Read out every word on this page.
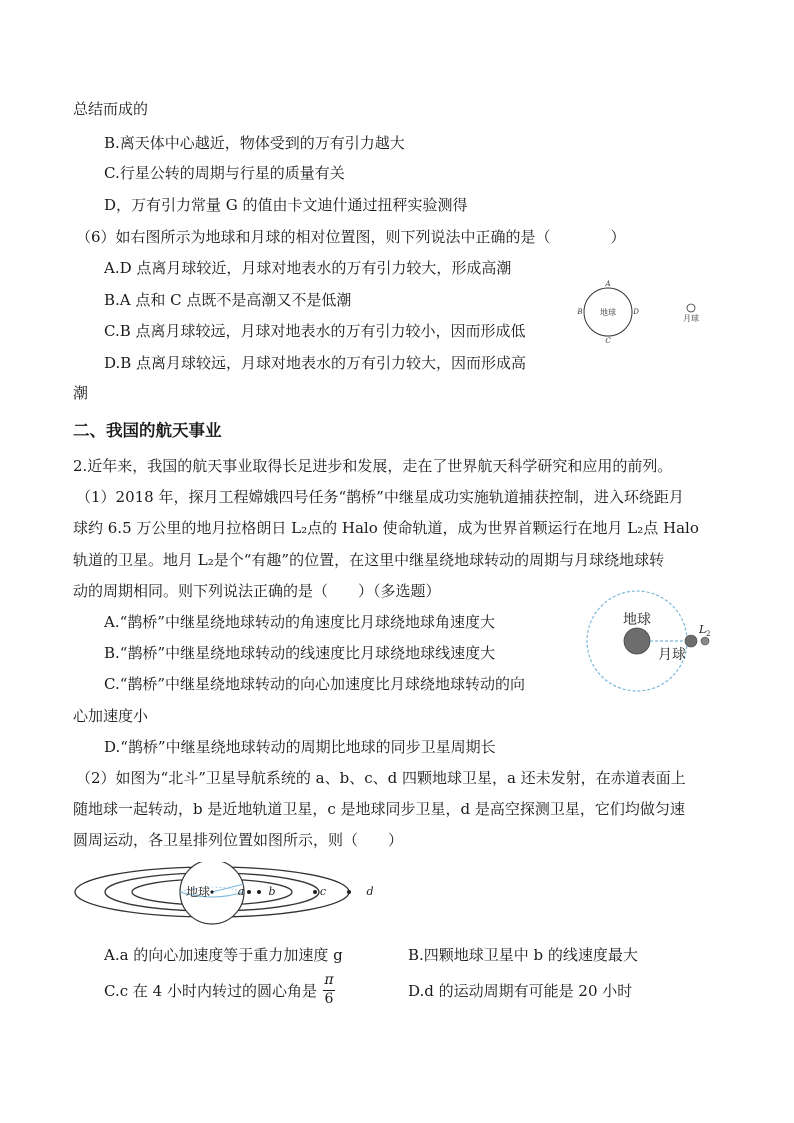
总结而成的
B.离天体中心越近，物体受到的万有引力越大
C.行星公转的周期与行星的质量有关
D，万有引力常量 G 的值由卡文迪什通过扭秤实验测得
（6）如右图所示为地球和月球的相对位置图，则下列说法中正确的是（　　　　）
A.D 点离月球较近，月球对地表水的万有引力较大，形成高潮
B.A 点和 C 点既不是高潮又不是低潮
C.B 点离月球较远，月球对地表水的万有引力较小，因而形成低
D.B 点离月球较远，月球对地表水的万有引力较大，因而形成高
潮
二、我国的航天事业
2.近年来，我国的航天事业取得长足进步和发展，走在了世界航天科学研究和应用的前列。
（1）2018 年，探月工程嫦娥四号任务“鹊桥”中继星成功实施轨道捕获控制，进入环绕距月
球约 6.5 万公里的地月拉格朗日 L₂点的 Halo 使命轨道，成为世界首颗运行在地月 L₂点 Halo
轨道的卫星。地月 L₂是个“有趣”的位置，在这里中继星绕地球转动的周期与月球绕地球转
动的周期相同。则下列说法正确的是（　　）（多选题）
A.“鹊桥”中继星绕地球转动的角速度比月球绕地球角速度大
B.“鹊桥”中继星绕地球转动的线速度比月球绕地球线速度大
C.“鹊桥”中继星绕地球转动的向心加速度比月球绕地球转动的向
心加速度小
D.“鹊桥”中继星绕地球转动的周期比地球的同步卫星周期长
（2）如图为“北斗”卫星导航系统的 a、b、c、d 四颗地球卫星，a 还未发射，在赤道表面上
随地球一起转动，b 是近地轨道卫星，c 是地球同步卫星，d 是高空探测卫星，它们均做匀速
圆周运动，各卫星排列位置如图所示，则（　　）
A.a 的向心加速度等于重力加速度 g	B.四颗地球卫星中 b 的线速度最大
C.c 在 4 小时内转过的圆心角是
π
6	D.d 的运动周期有可能是 20 小时
地球
A
B
C
D
月球
地球
月球
L 2
地球	a b	c	d
